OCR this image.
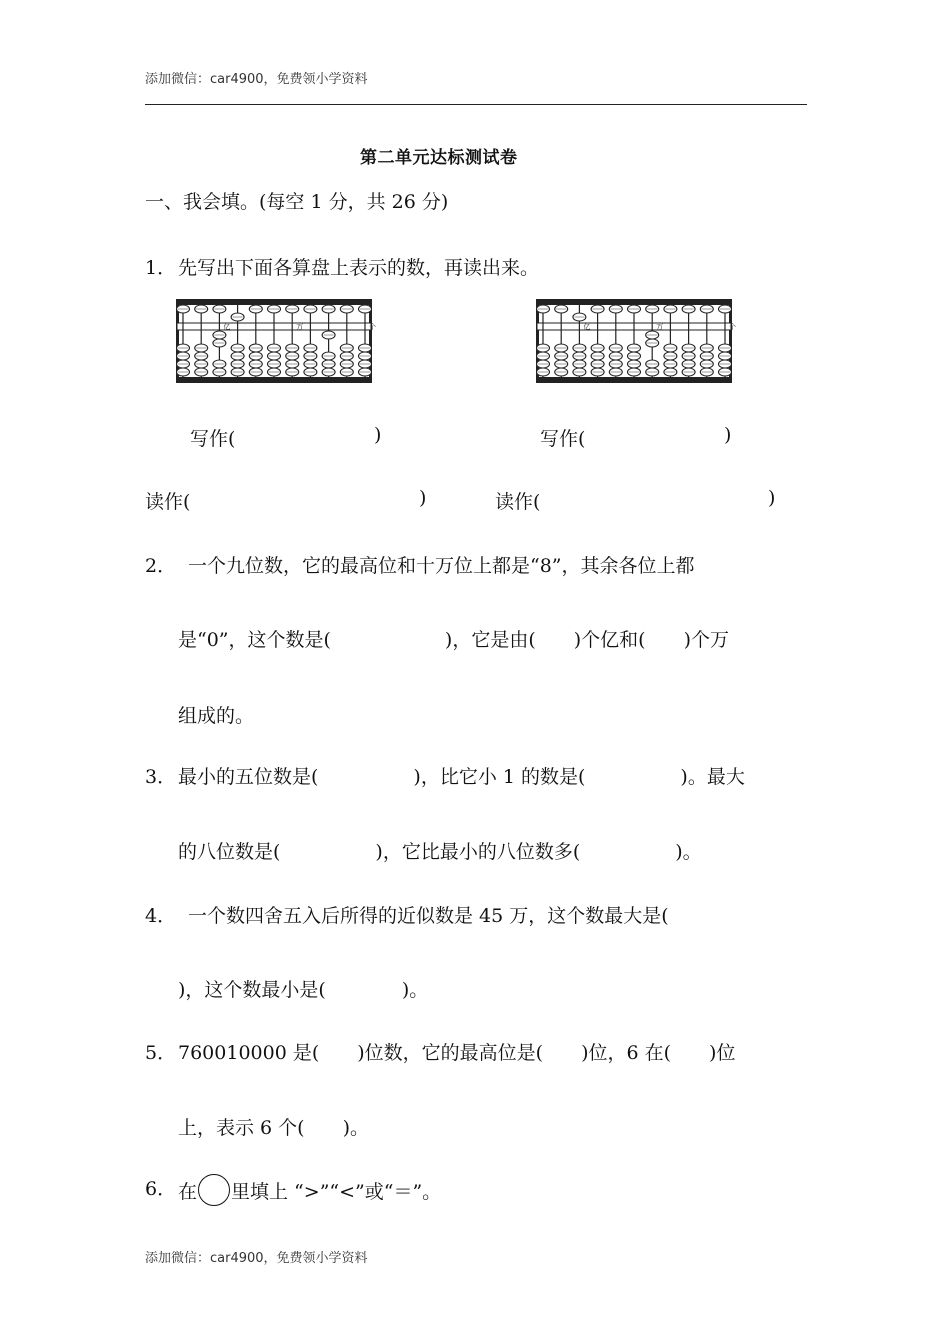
添加微信：car4900，免费领小学资料
第二单元达标测试卷
一、我会填。(每空 1 分，共 26 分)
1． 先写出下面各算盘上表示的数，再读出来。
亿	万	个	亿	万	个
写作(	)	写作(	)
读作(	)	读作(	)
2． 一个九位数，它的最高位和十万位上都是“8”，其余各位上都
是“0”，这个数是(　　　　　　)，它是由(　　)个亿和(　　)个万
组成的。
3． 最小的五位数是(　　　　　)，比它小 1 的数是(　　　　　)。最大
的八位数是(　　　　　)，它比最小的八位数多(　　　　　)。
4． 一个数四舍五入后所得的近似数是 45 万，这个数最大是(
)，这个数最小是(　　　　)。
5． 760010000 是(　　)位数，它的最高位是(　　)位，6 在(　　)位
上，表示 6 个(　　)。
6． 在 里填上 “>”“<”或“＝”。
添加微信：car4900，免费领小学资料
